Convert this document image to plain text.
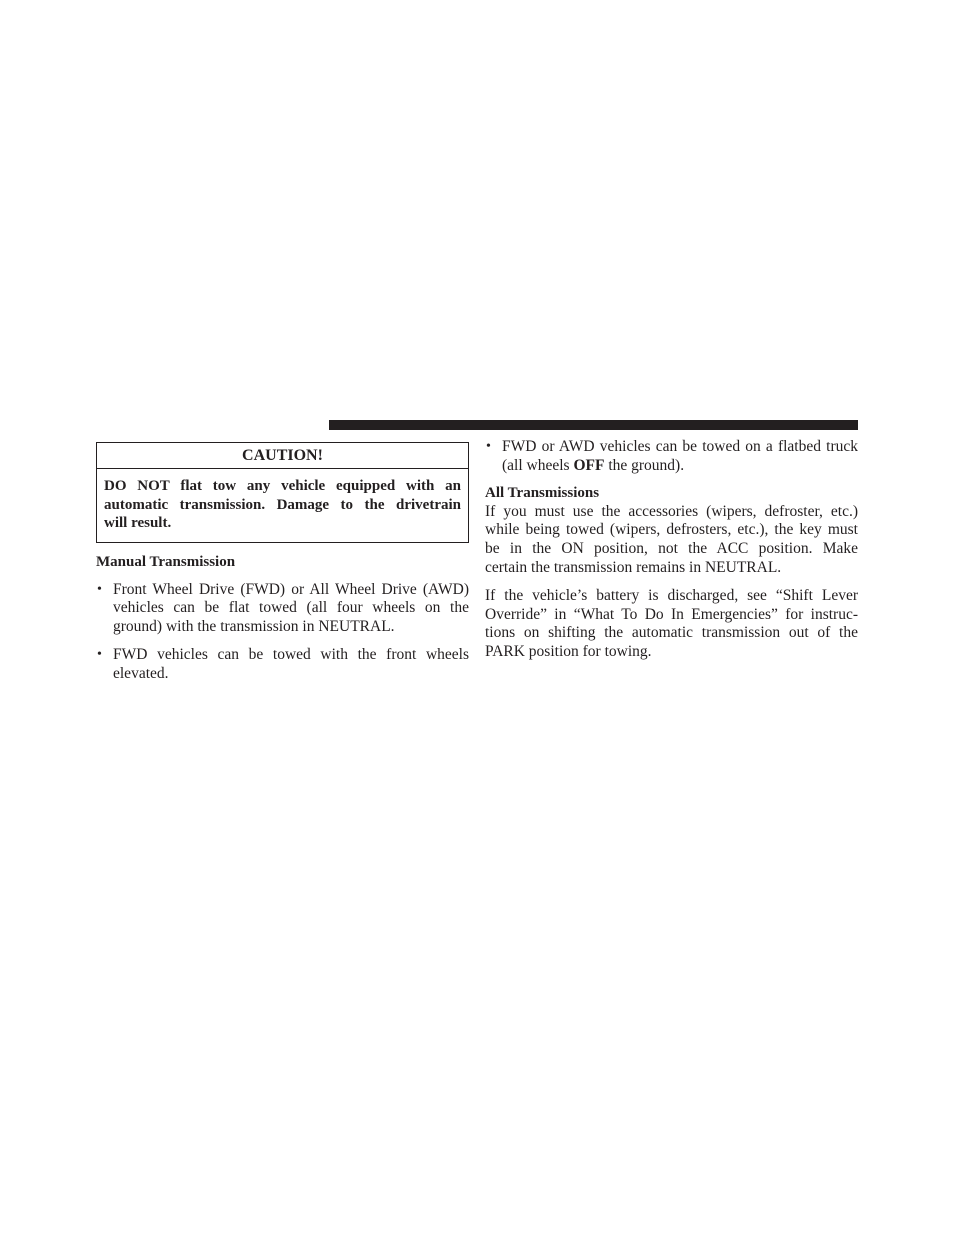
CAUTION!
DO NOT flat tow any vehicle equipped with an
automatic transmission. Damage to the drivetrain
will result.
Manual Transmission
• Front Wheel Drive (FWD) or All Wheel Drive (AWD)
vehicles can be flat towed (all four wheels on the
ground) with the transmission in NEUTRAL.
• FWD vehicles can be towed with the front wheels
elevated.
• FWD or AWD vehicles can be towed on a flatbed truck
(all wheels OFF the ground).
All Transmissions
If you must use the accessories (wipers, defroster, etc.)
while being towed (wipers, defrosters, etc.), the key must
be in the ON position, not the ACC position. Make
certain the transmission remains in NEUTRAL.
If the vehicle’s battery is discharged, see “Shift Lever
Override” in “What To Do In Emergencies” for instruc-
tions on shifting the automatic transmission out of the
PARK position for towing.
